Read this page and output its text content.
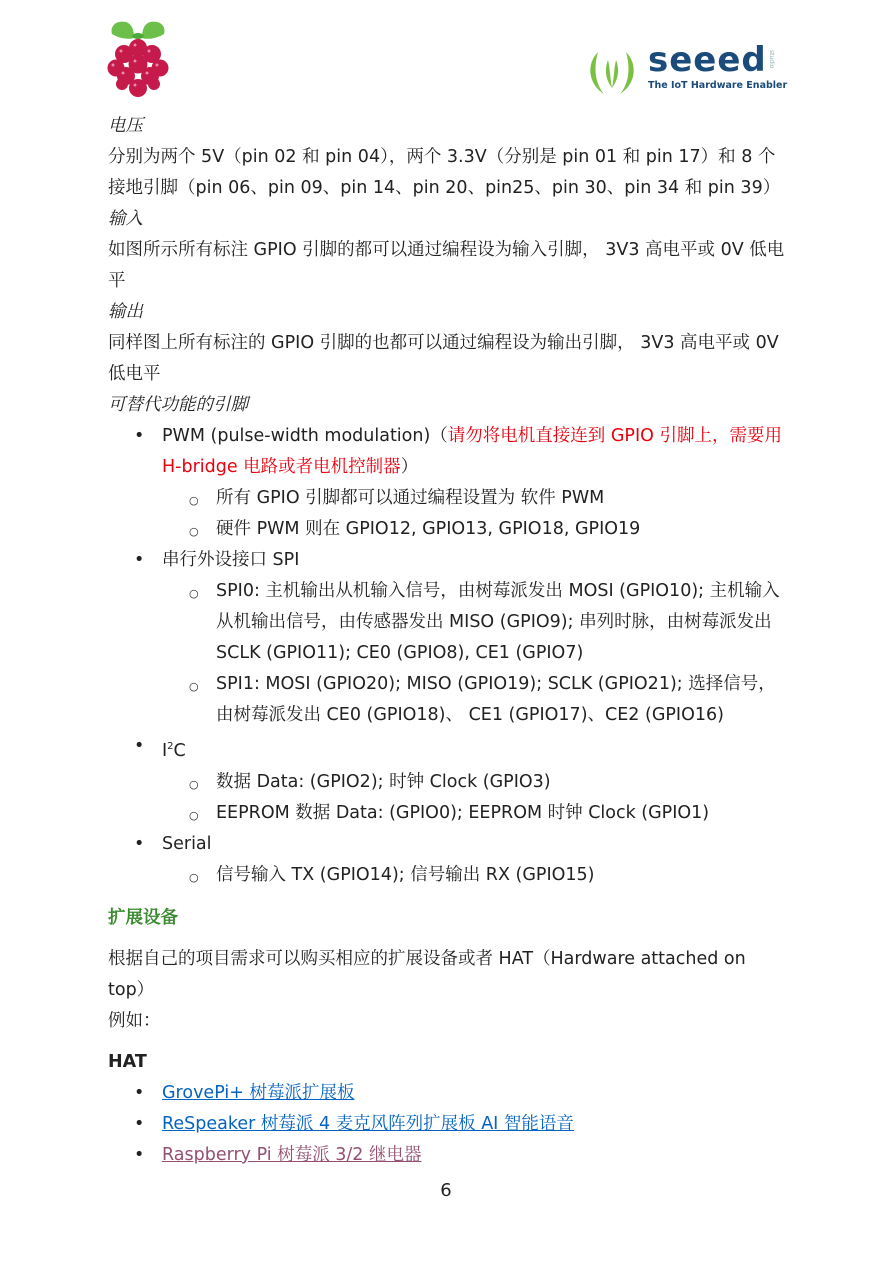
seeed
The IoT Hardware Enabler
studio

电压

分别为两个 5V（pin 02 和 pin 04），两个 3.3V（分别是 pin 01 和 pin 17）和 8 个接地引脚（pin 06、pin 09、pin 14、pin 20、pin25、pin 30、pin 34 和 pin 39）

输入

如图所示所有标注 GPIO 引脚的都可以通过编程设为输入引脚， 3V3 高电平或 0V 低电平

输出

同样图上所有标注的 GPIO 引脚的也都可以通过编程设为输出引脚， 3V3 高电平或 0V 低电平

可替代功能的引脚

• PWM (pulse-width modulation)（请勿将电机直接连到 GPIO 引脚上，需要用 H-bridge 电路或者电机控制器）
○ 所有 GPIO 引脚都可以通过编程设置为 软件 PWM
○ 硬件 PWM 则在 GPIO12, GPIO13, GPIO18, GPIO19
• 串行外设接口 SPI
○ SPI0: 主机输出从机输入信号，由树莓派发出 MOSI (GPIO10); 主机输入从机输出信号，由传感器发出 MISO (GPIO9); 串列时脉，由树莓派发出 SCLK (GPIO11); CE0 (GPIO8), CE1 (GPIO7)
○ SPI1: MOSI (GPIO20); MISO (GPIO19); SCLK (GPIO21); 选择信号，由树莓派发出 CE0 (GPIO18)、 CE1 (GPIO17)、CE2 (GPIO16)
• $I^2C$
○ 数据 Data: (GPIO2); 时钟 Clock (GPIO3)
○ EEPROM 数据 Data: (GPIO0); EEPROM 时钟 Clock (GPIO1)
• Serial
○ 信号输入 TX (GPIO14); 信号输出 RX (GPIO15)

扩展设备

根据自己的项目需求可以购买相应的扩展设备或者 HAT（Hardware attached on top）

例如：

HAT

• GrovePi+ 树莓派扩展板
• ReSpeaker 树莓派 4 麦克风阵列扩展板 AI 智能语音
• Raspberry Pi 树莓派 3/2 继电器
6
